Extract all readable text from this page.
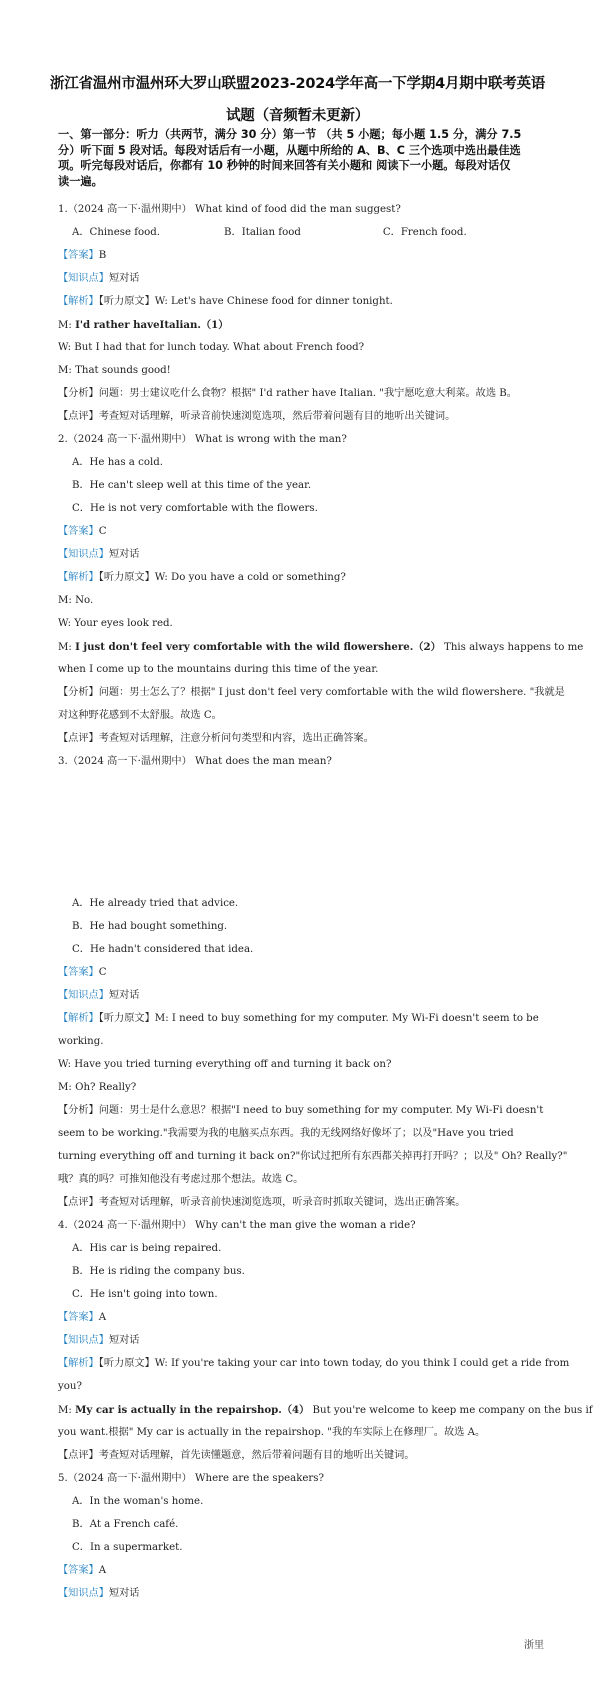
浙江省温州市温州环大罗山联盟2023-2024学年高一下学期4月期中联考英语
试题（音频暂未更新）
一、第一部分：听力（共两节，满分 30 分）第一节 （共 5 小题；每小题 1.5 分，满分 7.5
分）听下面 5 段对话。每段对话后有一小题，从题中所给的 A、B、C 三个选项中选出最佳选
项。听完每段对话后，你都有 10 秒钟的时间来回答有关小题和 阅读下一小题。每段对话仅
读一遍。
1.（2024 高一下·温州期中） What kind of food did the man suggest?
A．Chinese food.	B．Italian food	C．French food.
【答案】B
【知识点】短对话
【解析】【听力原文】W: Let's have Chinese food for dinner tonight.
M: I'd rather haveItalian.（1）
W: But I had that for lunch today. What about French food?
M: That sounds good!
【分析】问题：男士建议吃什么食物？根据" I'd rather have Italian. "我宁愿吃意大利菜。故选 B。
【点评】考查短对话理解，听录音前快速浏览选项，然后带着问题有目的地听出关键词。
2.（2024 高一下·温州期中） What is wrong with the man?
A．He has a cold.
B．He can't sleep well at this time of the year.
C．He is not very comfortable with the flowers.
【答案】C
【知识点】短对话
【解析】【听力原文】W: Do you have a cold or something?
M: No.
W: Your eyes look red.
M: I just don't feel very comfortable with the wild flowershere.（2） This always happens to me
when I come up to the mountains during this time of the year.
【分析】问题：男士怎么了？根据" I just don't feel very comfortable with the wild flowershere. "我就是
对这种野花感到不太舒服。故选 C。
【点评】考查短对话理解，注意分析问句类型和内容，选出正确答案。
3.（2024 高一下·温州期中） What does the man mean?
A．He already tried that advice.
B．He had bought something.
C．He hadn't considered that idea.
【答案】C
【知识点】短对话
【解析】【听力原文】M: I need to buy something for my computer. My Wi-Fi doesn't seem to be
working.
W: Have you tried turning everything off and turning it back on?
M: Oh? Really?
【分析】问题：男士是什么意思？根据"I need to buy something for my computer. My Wi-Fi doesn't
seem to be working."我需要为我的电脑买点东西。我的无线网络好像坏了；以及"Have you tried
turning everything off and turning it back on?"你试过把所有东西都关掉再打开吗？；以及" Oh? Really?"
哦？真的吗？可推知他没有考虑过那个想法。故选 C。
【点评】考查短对话理解，听录音前快速浏览选项，听录音时抓取关键词，选出正确答案。
4.（2024 高一下·温州期中） Why can't the man give the woman a ride?
A．His car is being repaired.
B．He is riding the company bus.
C．He isn't going into town.
【答案】A
【知识点】短对话
【解析】【听力原文】W: If you're taking your car into town today, do you think I could get a ride from
you?
M: My car is actually in the repairshop.（4） But you're welcome to keep me company on the bus if
you want.根据" My car is actually in the repairshop. "我的车实际上在修理厂。故选 A。
【点评】考查短对话理解，首先读懂题意，然后带着问题有目的地听出关键词。
5.（2024 高一下·温州期中） Where are the speakers?
A．In the woman's home.
B．At a French café.
C．In a supermarket.
【答案】A
【知识点】短对话
浙里
